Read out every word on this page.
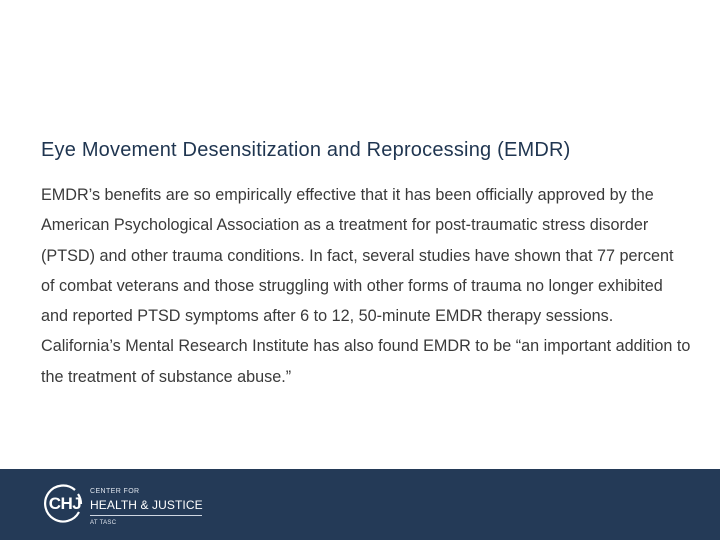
Eye Movement Desensitization and Reprocessing (EMDR)

EMDR’s benefits are so empirically effective that it has been officially approved by the American Psychological Association as a treatment for post-traumatic stress disorder (PTSD) and other trauma conditions. In fact, several studies have shown that 77 percent of combat veterans and those struggling with other forms of trauma no longer exhibited and reported PTSD symptoms after 6 to 12, 50-minute EMDR therapy sessions. California’s Mental Research Institute has also found EMDR to be “an important addition to the treatment of substance abuse.”

CHJ
CENTER FOR
HEALTH & JUSTICE
AT TASC
